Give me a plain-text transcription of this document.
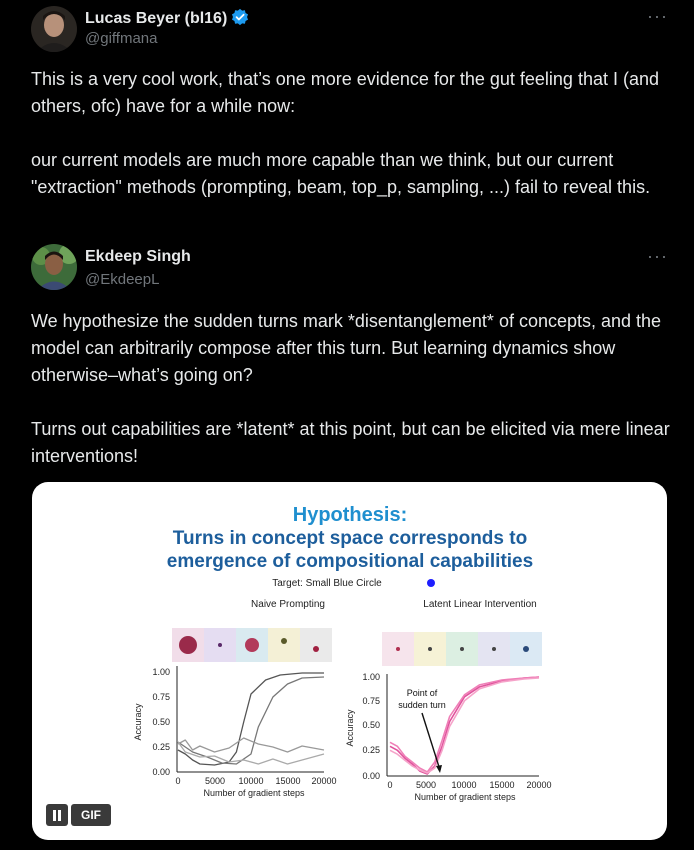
Lucas Beyer (bl16)
@giffmana
···

This is a very cool work, that’s one more evidence for the gut feeling that I (and others, ofc) have for a while now:

our current models are much more capable than we think, but our current "extraction" methods (prompting, beam, top_p, sampling, ...) fail to reveal this.

Ekdeep Singh
@EkdeepL
···

We hypothesize the sudden turns mark *disentanglement* of concepts, and the model can arbitrarily compose after this turn. But learning dynamics show otherwise–what’s going on?

Turns out capabilities are *latent* at this point, but can be elicited via mere linear interventions!

Hypothesis:
Turns in concept space corresponds to
emergence of compositional capabilities
Target: Small Blue Circle
Naive Prompting	Latent Linear Intervention
1.00
0.75
0.50
0.25
0.00
0	5000 10000 15000 20000
Number of gradient steps
Accuracy
1.00
0.75
0.50
0.25
0.00
0	5000 10000 15000 20000
Number of gradient steps
Accuracy
Point of
sudden turn
GIF
